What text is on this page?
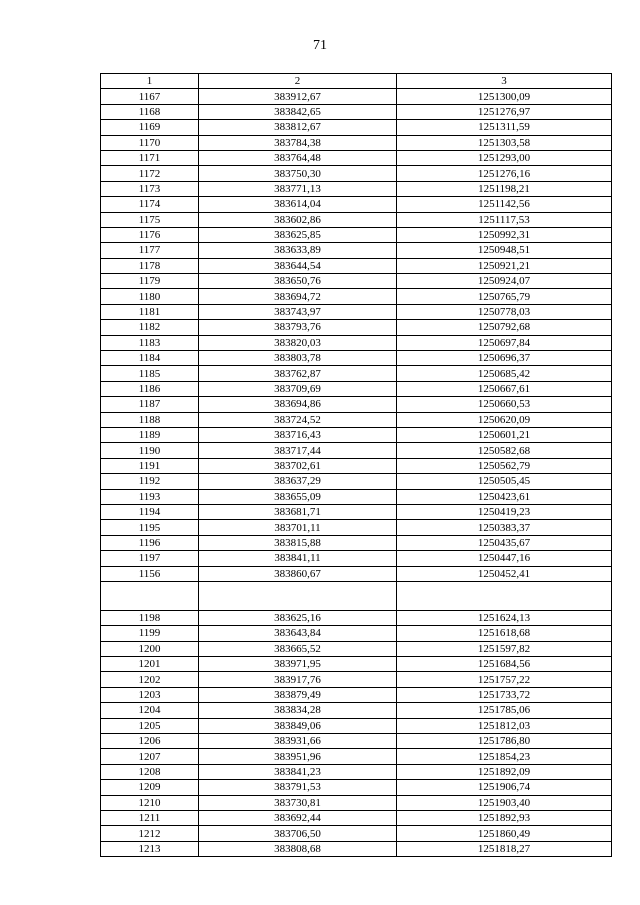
71
1	2	3
1167	383912,67	1251300,09
1168	383842,65	1251276,97
1169	383812,67	1251311,59
1170	383784,38	1251303,58
1171	383764,48	1251293,00
1172	383750,30	1251276,16
1173	383771,13	1251198,21
1174	383614,04	1251142,56
1175	383602,86	1251117,53
1176	383625,85	1250992,31
1177	383633,89	1250948,51
1178	383644,54	1250921,21
1179	383650,76	1250924,07
1180	383694,72	1250765,79
1181	383743,97	1250778,03
1182	383793,76	1250792,68
1183	383820,03	1250697,84
1184	383803,78	1250696,37
1185	383762,87	1250685,42
1186	383709,69	1250667,61
1187	383694,86	1250660,53
1188	383724,52	1250620,09
1189	383716,43	1250601,21
1190	383717,44	1250582,68
1191	383702,61	1250562,79
1192	383637,29	1250505,45
1193	383655,09	1250423,61
1194	383681,71	1250419,23
1195	383701,11	1250383,37
1196	383815,88	1250435,67
1197	383841,11	1250447,16
1156	383860,67	1250452,41

1198	383625,16	1251624,13
1199	383643,84	1251618,68
1200	383665,52	1251597,82
1201	383971,95	1251684,56
1202	383917,76	1251757,22
1203	383879,49	1251733,72
1204	383834,28	1251785,06
1205	383849,06	1251812,03
1206	383931,66	1251786,80
1207	383951,96	1251854,23
1208	383841,23	1251892,09
1209	383791,53	1251906,74
1210	383730,81	1251903,40
1211	383692,44	1251892,93
1212	383706,50	1251860,49
1213	383808,68	1251818,27
